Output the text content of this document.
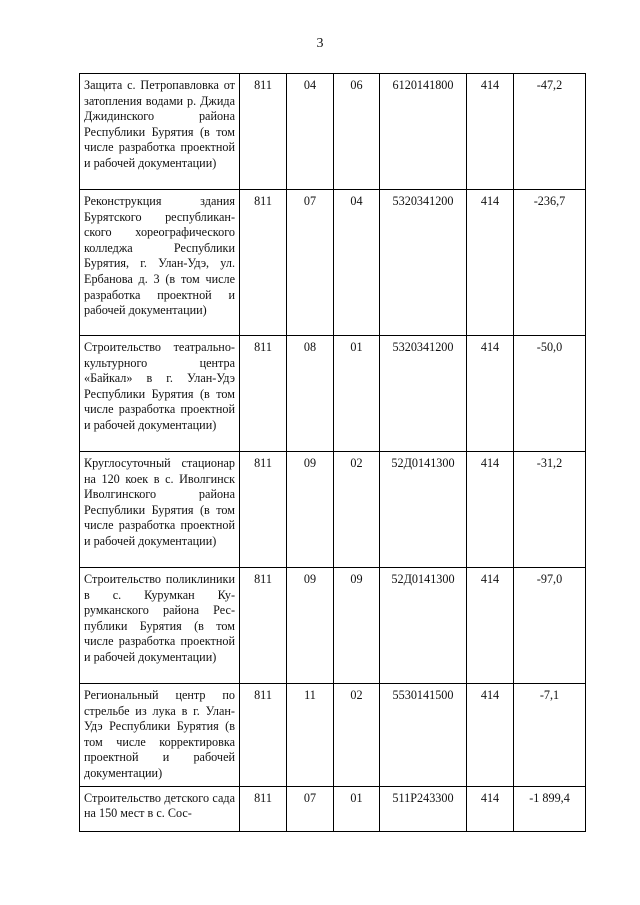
3
Защита с. Петропавловка от затопления водами р. Джида Джидинского района Республики Бурятия (в том числе разработка проектной и рабочей документации)	811	04	06	6120141800	414	-47,2
Реконструкция здания Бурятского республиканского хореографического колледжа Республики Бурятия, г. Улан-Удэ, ул. Ербанова д. 3 (в том числе разработка проектной и рабочей документации)	811	07	04	5320341200	414	-236,7
Строительство театрально-культурного центра «Байкал» в г. Улан-Удэ Республики Бурятия (в том числе разработка проектной и рабочей документации)	811	08	01	5320341200	414	-50,0
Круглосуточный стационар на 120 коек в с. Иволгинск Иволгинского района Республики Бурятия (в том числе разработка проектной и рабочей документации)	811	09	02	52Д0141300	414	-31,2
Строительство поликлиники в с. Курумкан Курумканского района Республики Бурятия (в том числе разработка проектной и рабочей документации)	811	09	09	52Д0141300	414	-97,0
Региональный центр по стрельбе из лука в г. Улан-Удэ Республики Бурятия (в том числе корректировка проектной и рабочей документации)	811	11	02	5530141500	414	-7,1
Строительство детского сада на 150 мест в с. Сос-	811	07	01	511P243300	414	-1 899,4
